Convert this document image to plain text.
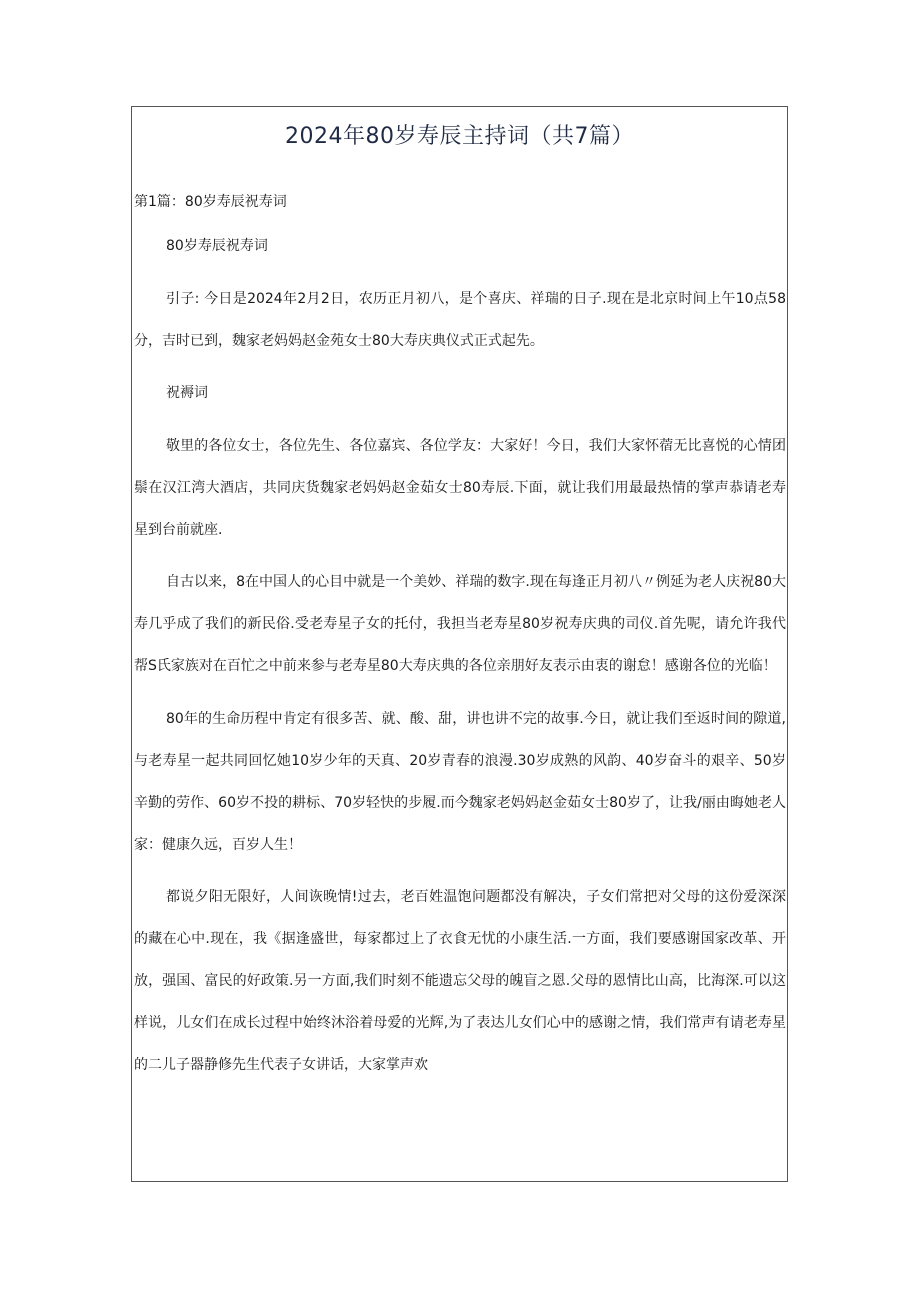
2024年80岁寿辰主持词（共7篇）
第1篇：80岁寿辰祝寿词

80岁寿辰祝寿词

引子: 今日是2024年2月2日，农历正月初八，是个喜庆、祥瑞的日子.现在是北京时间上午10点58分，吉时已到，魏家老妈妈赵金苑女士80大寿庆典仪式正式起先。

祝褥词

敬里的各位女士，各位先生、各位嘉宾、各位学友：大家好！今日，我们大家怀蓿无比喜悦的心情团鬃在汉江湾大酒店，共同庆货魏家老妈妈赵金茹女士80寿辰.下面，就让我们用最最热情的掌声恭请老寿星到台前就座.

自古以来，8在中国人的心目中就是一个美妙、祥瑞的数字.现在每逢正月初八〃例延为老人庆祝80大寿几乎成了我们的新民俗.受老寿星子女的托付，我担当老寿星80岁祝寿庆典的司仪.首先呢，请允许我代帮S氏家族对在百忙之中前来参与老寿星80大寿庆典的各位亲朋好友表示由衷的谢怠！感谢各位的光临！

80年的生命历程中肯定有很多苦、就、酸、甜，讲也讲不完的故事.今日，就让我们至返时间的隙道,与老寿星一起共同回忆她10岁少年的天真、20岁青春的浪漫.30岁成熟的风韵、40岁奋斗的艰辛、50岁辛勤的劳作、60岁不投的耕标、70岁轻快的步履.而今魏家老妈妈赵金茹女士80岁了，让我/丽由晦她老人家：健康久远，百岁人生！

都说夕阳无限好，人间诙晚情!过去，老百姓温饱问题都没有解决，子女们常把对父母的这份爱深深的藏在心中.现在，我《据逢盛世，每家都过上了衣食无忧的小康生活.一方面，我们要感谢国家改革、开放，强国、富民的好政策.另一方面,我们时刻不能遗忘父母的魄盲之恩.父母的恩情比山高，比海深.可以这样说，儿女们在成长过程中始终沐浴着母爱的光辉,为了表达儿女们心中的感谢之情，我们常声有请老寿星的二儿子器静修先生代表子女讲话，大家掌声欢
